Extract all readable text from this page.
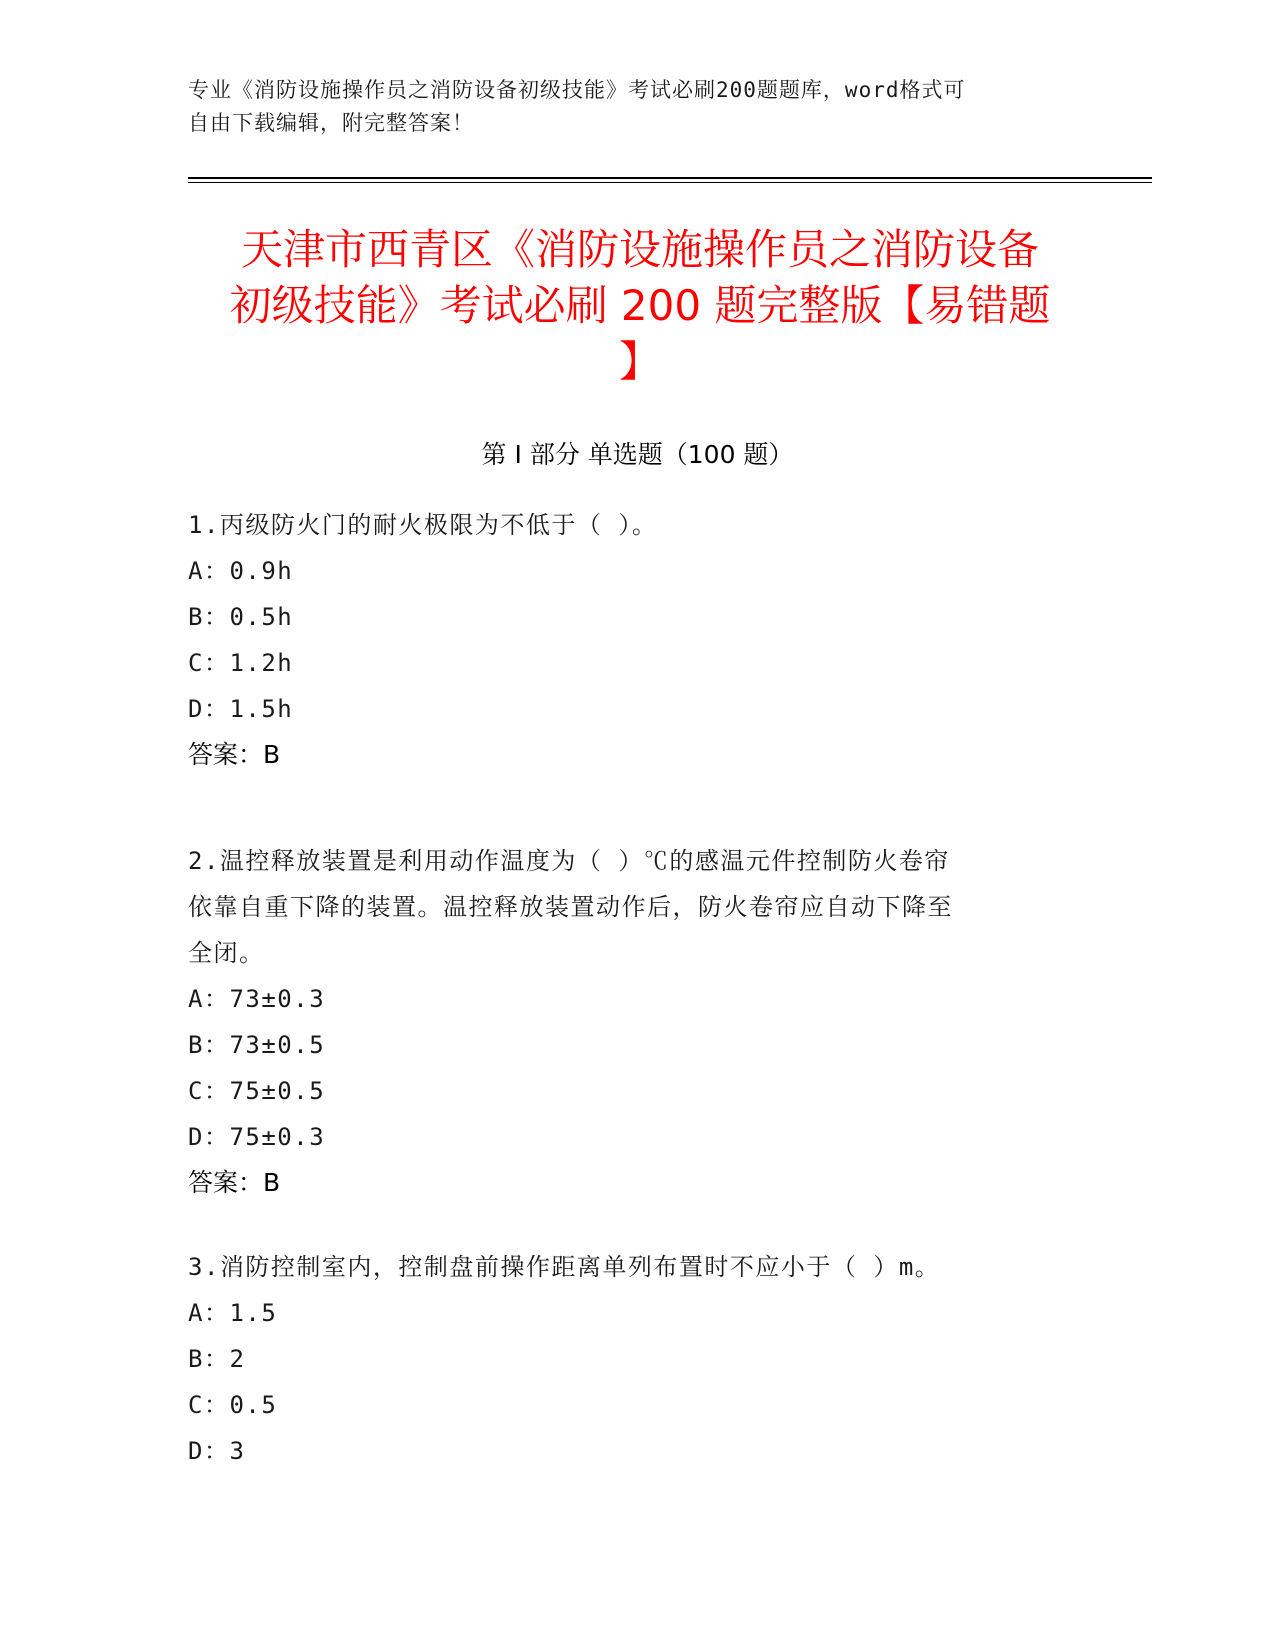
专业《消防设施操作员之消防设备初级技能》考试必刷200题题库，word格式可
自由下载编辑，附完整答案！
天津市西青区《消防设施操作员之消防设备
初级技能》考试必刷 200 题完整版【易错题
】
第 I 部分 单选题（100 题）

1.丙级防火门的耐火极限为不低于（ ）。

A：0.9h

B：0.5h

C：1.2h

D：1.5h

答案：B

2.温控释放装置是利用动作温度为（ ）℃的感温元件控制防火卷帘

依靠自重下降的装置。温控释放装置动作后，防火卷帘应自动下降至

全闭。

A：73±0.3

B：73±0.5

C：75±0.5

D：75±0.3

答案：B

3.消防控制室内，控制盘前操作距离单列布置时不应小于（ ）m。

A：1.5

B：2

C：0.5

D：3
